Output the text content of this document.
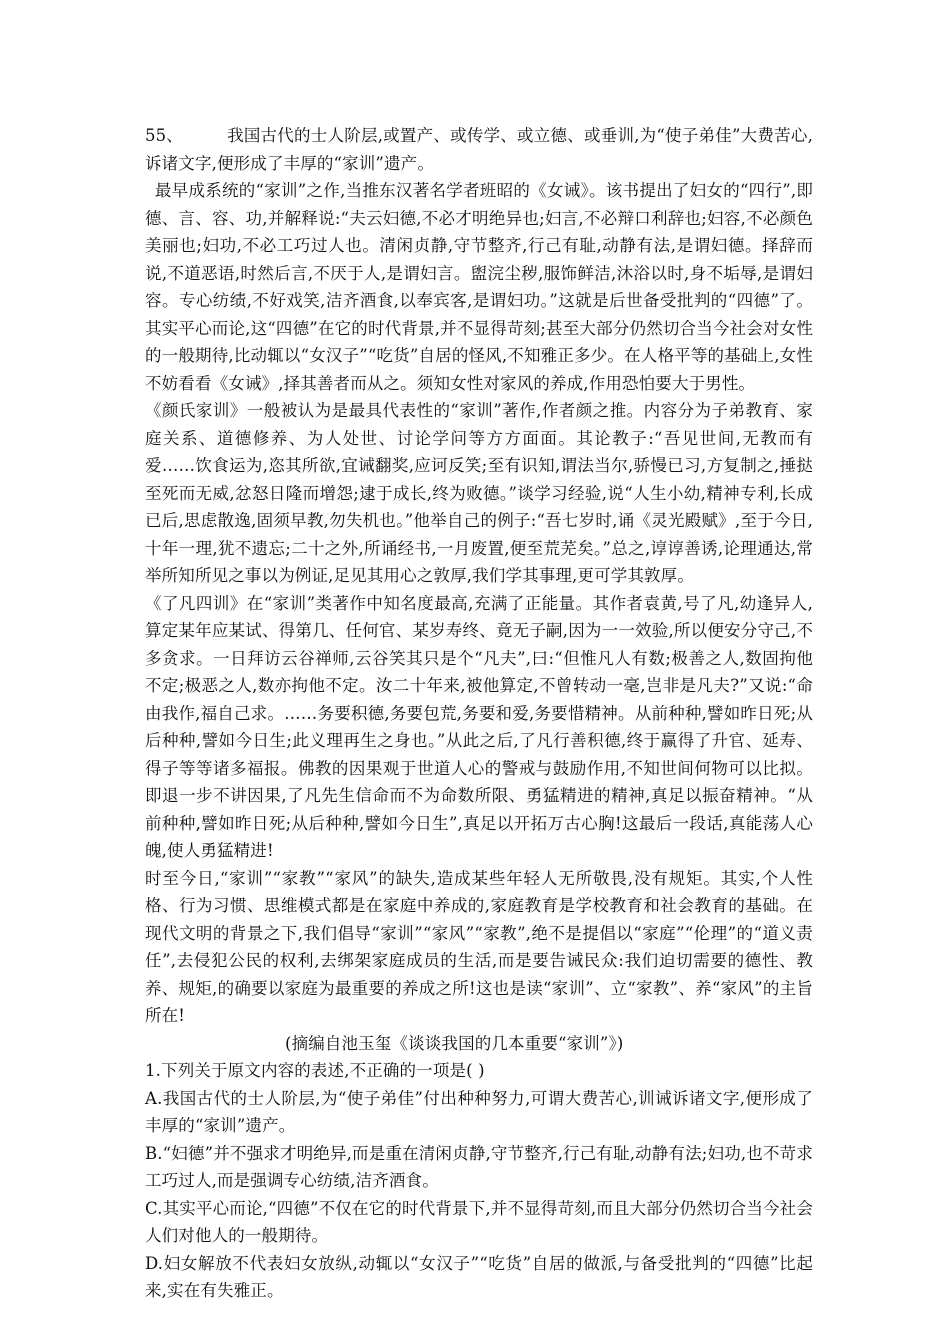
55、	我国古代的士人阶层,或置产、或传学、或立德、或垂训,为“使子弟佳”大费苦心,诉诸文字,便形成了丰厚的“家训”遗产。

最早成系统的“家训”之作,当推东汉著名学者班昭的《女诫》。该书提出了妇女的“四行”,即德、言、容、功,并解释说:“夫云妇德,不必才明绝异也;妇言,不必辩口利辞也;妇容,不必颜色美丽也;妇功,不必工巧过人也。清闲贞静,守节整齐,行己有耻,动静有法,是谓妇德。择辞而说,不道恶语,时然后言,不厌于人,是谓妇言。盥浣尘秽,服饰鲜洁,沐浴以时,身不垢辱,是谓妇容。专心纺绩,不好戏笑,洁齐酒食,以奉宾客,是谓妇功。”这就是后世备受批判的“四德”了。其实平心而论,这“四德”在它的时代背景,并不显得苛刻;甚至大部分仍然切合当今社会对女性的一般期待,比动辄以“女汉子”“吃货”自居的怪风,不知雅正多少。在人格平等的基础上,女性不妨看看《女诫》,择其善者而从之。须知女性对家风的养成,作用恐怕要大于男性。

《颜氏家训》一般被认为是最具代表性的“家训”著作,作者颜之推。内容分为子弟教育、家庭关系、道德修养、为人处世、讨论学问等方方面面。其论教子:“吾见世间,无教而有爱……饮食运为,恣其所欲,宜诫翻奖,应诃反笑;至有识知,谓法当尔,骄慢已习,方复制之,捶挞至死而无威,忿怒日隆而增怨;逮于成长,终为败德。”谈学习经验,说“人生小幼,精神专利,长成已后,思虑散逸,固须早教,勿失机也。”他举自己的例子:“吾七岁时,诵《灵光殿赋》,至于今日,十年一理,犹不遗忘;二十之外,所诵经书,一月废置,便至荒芜矣。”总之,谆谆善诱,论理通达,常举所知所见之事以为例证,足见其用心之敦厚,我们学其事理,更可学其敦厚。

《了凡四训》在“家训”类著作中知名度最高,充满了正能量。其作者袁黄,号了凡,幼逢异人,算定某年应某试、得第几、任何官、某岁寿终、竟无子嗣,因为一一效验,所以便安分守己,不多贪求。一日拜访云谷禅师,云谷笑其只是个“凡夫”,曰:“但惟凡人有数;极善之人,数固拘他不定;极恶之人,数亦拘他不定。汝二十年来,被他算定,不曾转动一毫,岂非是凡夫?”又说:“命由我作,福自己求。……务要积德,务要包荒,务要和爱,务要惜精神。从前种种,譬如昨日死;从后种种,譬如今日生;此义理再生之身也。”从此之后,了凡行善积德,终于赢得了升官、延寿、得子等等诸多福报。佛教的因果观于世道人心的警戒与鼓励作用,不知世间何物可以比拟。即退一步不讲因果,了凡先生信命而不为命数所限、勇猛精进的精神,真足以振奋精神。“从前种种,譬如昨日死;从后种种,譬如今日生”,真足以开拓万古心胸!这最后一段话,真能荡人心魄,使人勇猛精进!

时至今日,“家训”“家教”“家风”的缺失,造成某些年轻人无所敬畏,没有规矩。其实,个人性格、行为习惯、思维模式都是在家庭中养成的,家庭教育是学校教育和社会教育的基础。在现代文明的背景之下,我们倡导“家训”“家风”“家教”,绝不是提倡以“家庭”“伦理”的“道义责任”,去侵犯公民的权利,去绑架家庭成员的生活,而是要告诫民众:我们迫切需要的德性、教养、规矩,的确要以家庭为最重要的养成之所!这也是读“家训”、立“家教”、养“家风”的主旨所在!

(摘编自池玉玺《谈谈我国的几本重要“家训”》)

1.下列关于原文内容的表述,不正确的一项是( )

A.我国古代的士人阶层,为“使子弟佳”付出种种努力,可谓大费苦心,训诫诉诸文字,便形成了丰厚的“家训”遗产。

B.“妇德”并不强求才明绝异,而是重在清闲贞静,守节整齐,行己有耻,动静有法;妇功,也不苛求工巧过人,而是强调专心纺绩,洁齐酒食。

C.其实平心而论,“四德”不仅在它的时代背景下,并不显得苛刻,而且大部分仍然切合当今社会人们对他人的一般期待。

D.妇女解放不代表妇女放纵,动辄以“女汉子”“吃货”自居的做派,与备受批判的“四德”比起来,实在有失雅正。
